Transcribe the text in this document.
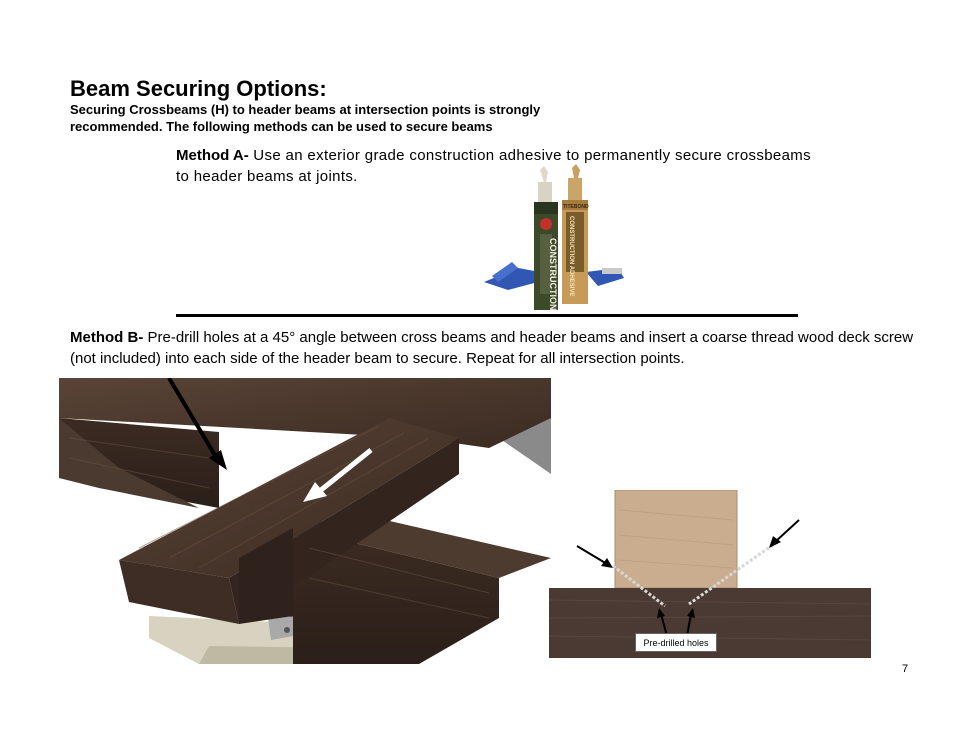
Beam Securing Options:

Securing Crossbeams (H) to header beams at intersection points is strongly recommended. The following methods can be used to secure beams

Method A- Use an exterior grade construction adhesive to permanently secure crossbeams to header beams at joints.

CONSTRUCTION
TITEBOND
CONSTRUCTION ADHESIVE

Method B- Pre-drill holes at a 45° angle between cross beams and header beams and insert a coarse thread wood deck screw (not included) into each side of the header beam to secure. Repeat for all intersection points.

Pre-drilled holes
7
